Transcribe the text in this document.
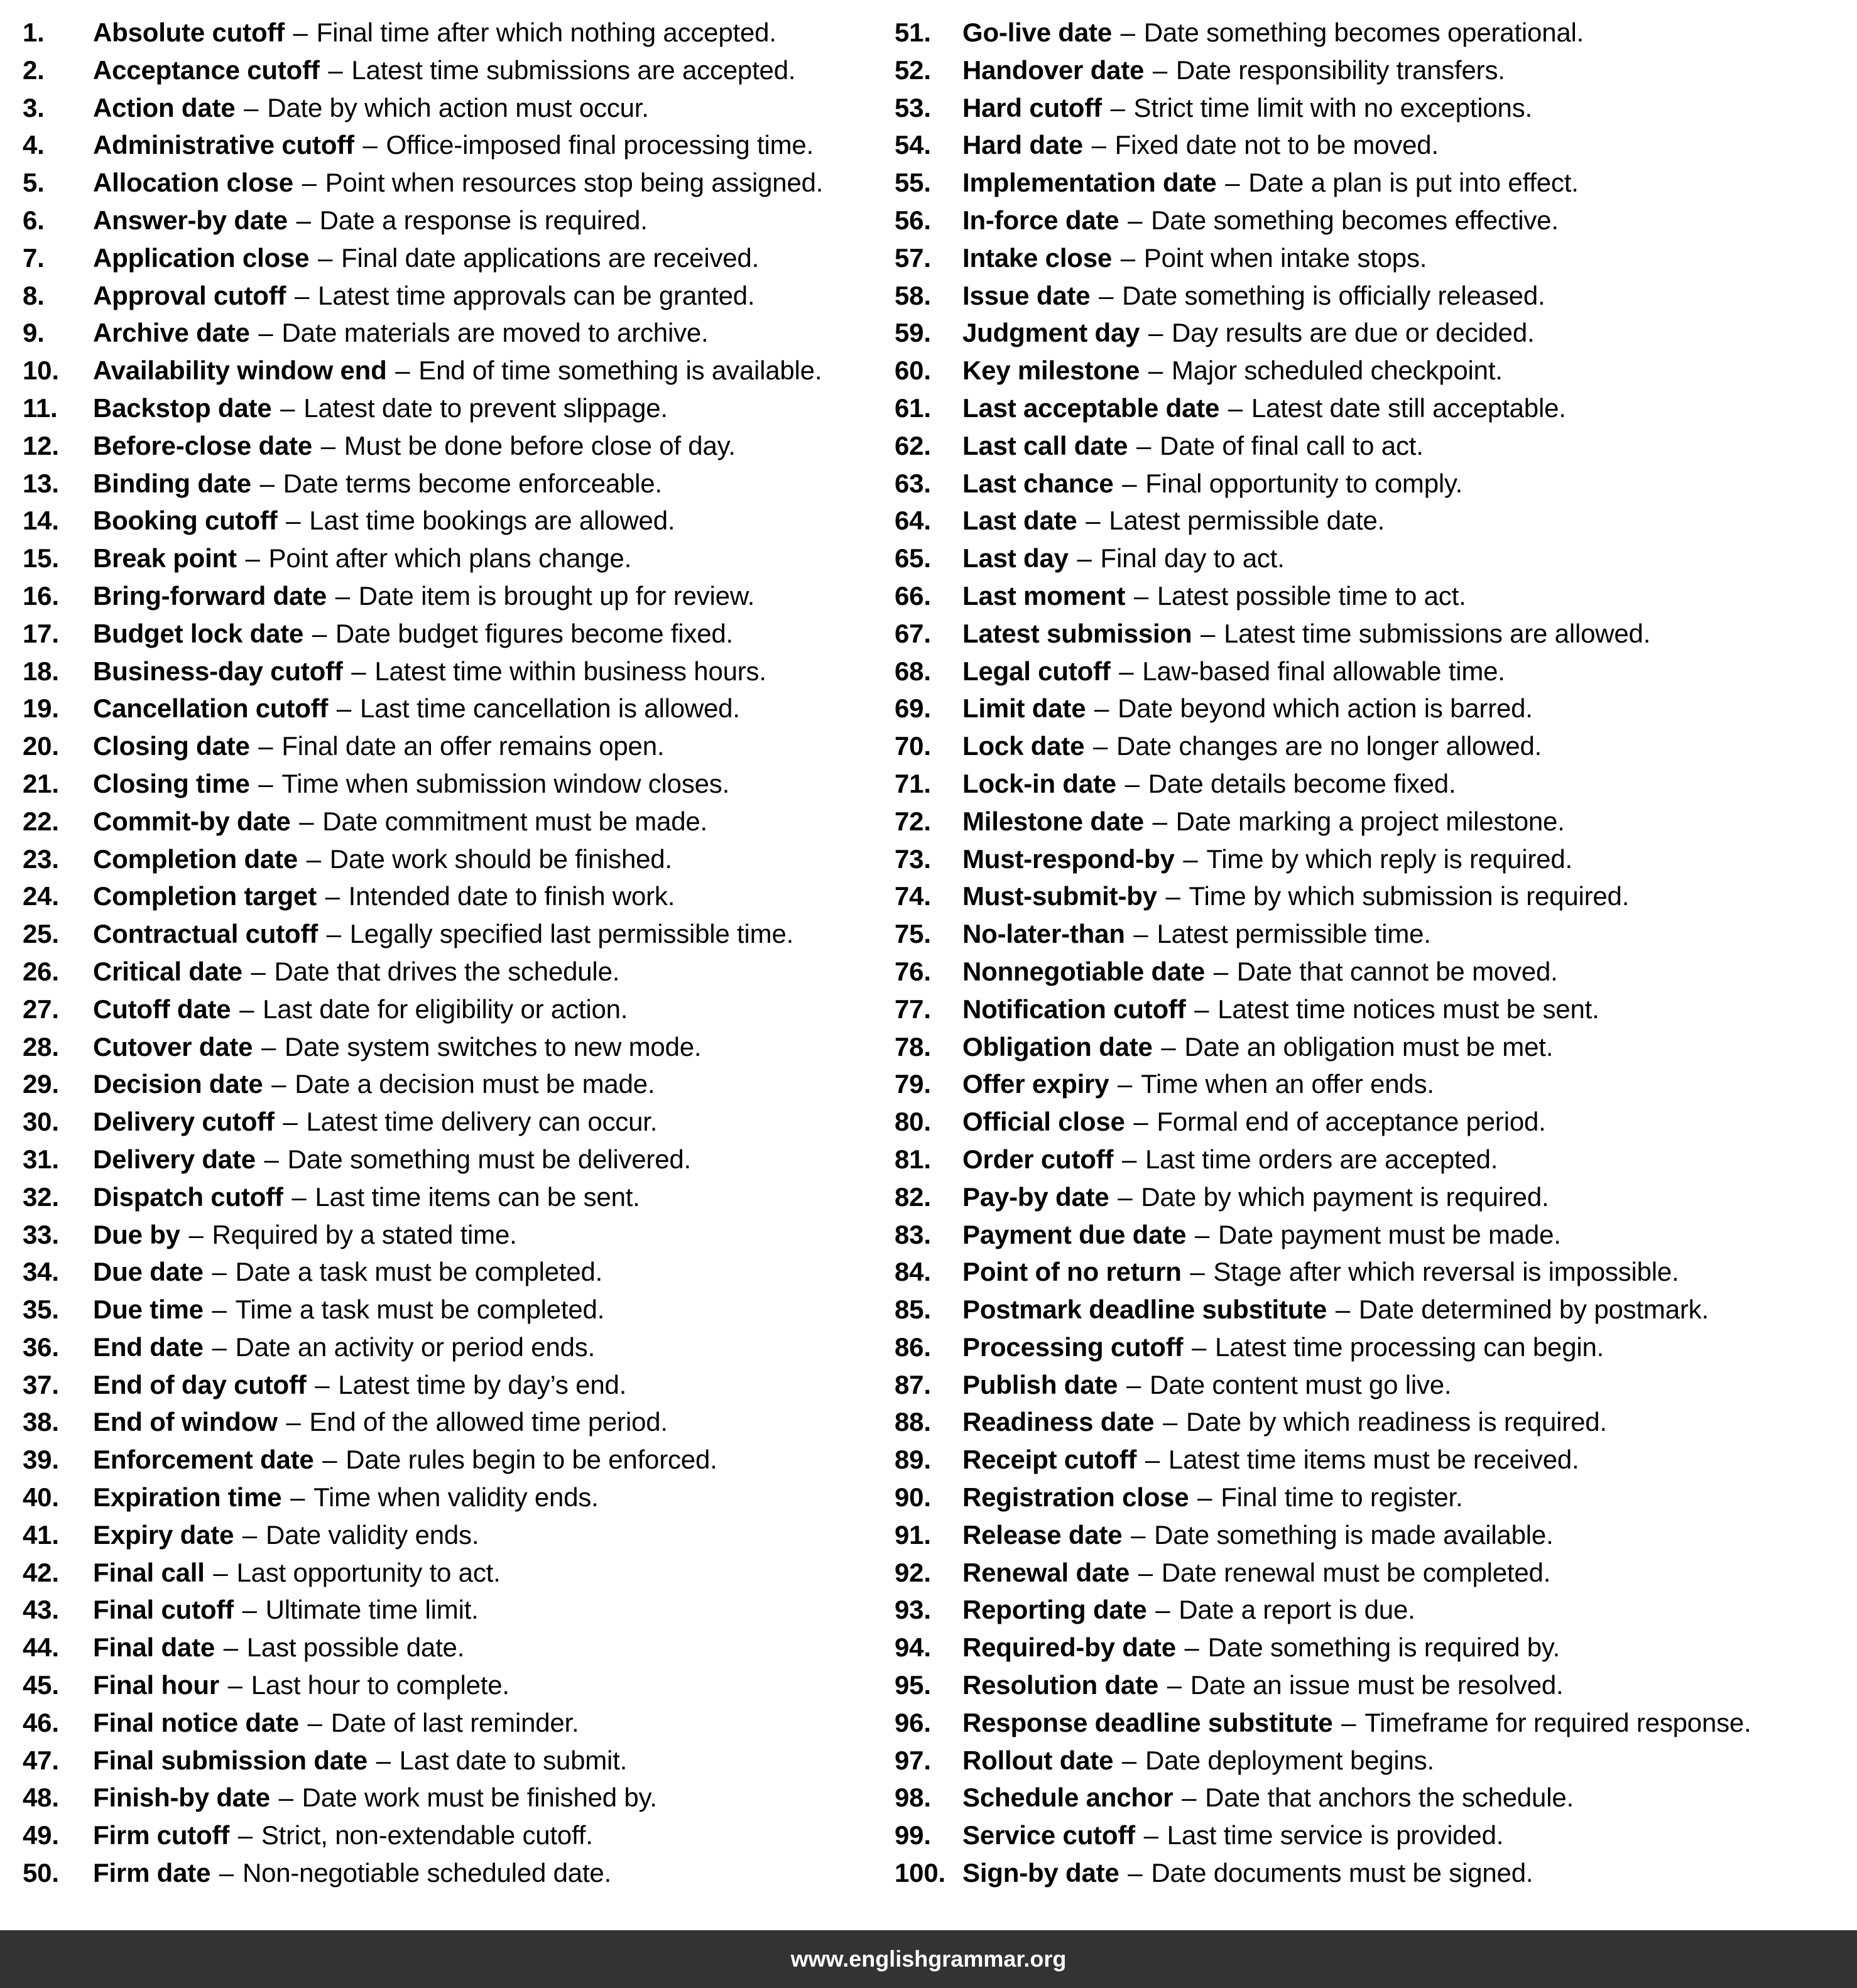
1.	Absolute cutoff – Final time after which nothing accepted.
2.	Acceptance cutoff – Latest time submissions are accepted.
3.	Action date – Date by which action must occur.
4.	Administrative cutoff – Office-imposed final processing time.
5.	Allocation close – Point when resources stop being assigned.
6.	Answer-by date – Date a response is required.
7.	Application close – Final date applications are received.
8.	Approval cutoff – Latest time approvals can be granted.
9.	Archive date – Date materials are moved to archive.
10.	Availability window end – End of time something is available.
11.	Backstop date – Latest date to prevent slippage.
12.	Before-close date – Must be done before close of day.
13.	Binding date – Date terms become enforceable.
14.	Booking cutoff – Last time bookings are allowed.
15.	Break point – Point after which plans change.
16.	Bring-forward date – Date item is brought up for review.
17.	Budget lock date – Date budget figures become fixed.
18.	Business-day cutoff – Latest time within business hours.
19.	Cancellation cutoff – Last time cancellation is allowed.
20.	Closing date – Final date an offer remains open.
21.	Closing time – Time when submission window closes.
22.	Commit-by date – Date commitment must be made.
23.	Completion date – Date work should be finished.
24.	Completion target – Intended date to finish work.
25.	Contractual cutoff – Legally specified last permissible time.
26.	Critical date – Date that drives the schedule.
27.	Cutoff date – Last date for eligibility or action.
28.	Cutover date – Date system switches to new mode.
29.	Decision date – Date a decision must be made.
30.	Delivery cutoff – Latest time delivery can occur.
31.	Delivery date – Date something must be delivered.
32.	Dispatch cutoff – Last time items can be sent.
33.	Due by – Required by a stated time.
34.	Due date – Date a task must be completed.
35.	Due time – Time a task must be completed.
36.	End date – Date an activity or period ends.
37.	End of day cutoff – Latest time by day’s end.
38.	End of window – End of the allowed time period.
39.	Enforcement date – Date rules begin to be enforced.
40.	Expiration time – Time when validity ends.
41.	Expiry date – Date validity ends.
42.	Final call – Last opportunity to act.
43.	Final cutoff – Ultimate time limit.
44.	Final date – Last possible date.
45.	Final hour – Last hour to complete.
46.	Final notice date – Date of last reminder.
47.	Final submission date – Last date to submit.
48.	Finish-by date – Date work must be finished by.
49.	Firm cutoff – Strict, non-extendable cutoff.
50.	Firm date – Non-negotiable scheduled date.
51.	Go-live date – Date something becomes operational.
52.	Handover date – Date responsibility transfers.
53.	Hard cutoff – Strict time limit with no exceptions.
54.	Hard date – Fixed date not to be moved.
55.	Implementation date – Date a plan is put into effect.
56.	In-force date – Date something becomes effective.
57.	Intake close – Point when intake stops.
58.	Issue date – Date something is officially released.
59.	Judgment day – Day results are due or decided.
60.	Key milestone – Major scheduled checkpoint.
61.	Last acceptable date – Latest date still acceptable.
62.	Last call date – Date of final call to act.
63.	Last chance – Final opportunity to comply.
64.	Last date – Latest permissible date.
65.	Last day – Final day to act.
66.	Last moment – Latest possible time to act.
67.	Latest submission – Latest time submissions are allowed.
68.	Legal cutoff – Law-based final allowable time.
69.	Limit date – Date beyond which action is barred.
70.	Lock date – Date changes are no longer allowed.
71.	Lock-in date – Date details become fixed.
72.	Milestone date – Date marking a project milestone.
73.	Must-respond-by – Time by which reply is required.
74.	Must-submit-by – Time by which submission is required.
75.	No-later-than – Latest permissible time.
76.	Nonnegotiable date – Date that cannot be moved.
77.	Notification cutoff – Latest time notices must be sent.
78.	Obligation date – Date an obligation must be met.
79.	Offer expiry – Time when an offer ends.
80.	Official close – Formal end of acceptance period.
81.	Order cutoff – Last time orders are accepted.
82.	Pay-by date – Date by which payment is required.
83.	Payment due date – Date payment must be made.
84.	Point of no return – Stage after which reversal is impossible.
85.	Postmark deadline substitute – Date determined by postmark.
86.	Processing cutoff – Latest time processing can begin.
87.	Publish date – Date content must go live.
88.	Readiness date – Date by which readiness is required.
89.	Receipt cutoff – Latest time items must be received.
90.	Registration close – Final time to register.
91.	Release date – Date something is made available.
92.	Renewal date – Date renewal must be completed.
93.	Reporting date – Date a report is due.
94.	Required-by date – Date something is required by.
95.	Resolution date – Date an issue must be resolved.
96.	Response deadline substitute – Timeframe for required response.
97.	Rollout date – Date deployment begins.
98.	Schedule anchor – Date that anchors the schedule.
99.	Service cutoff – Last time service is provided.
100. Sign-by date – Date documents must be signed.
www.englishgrammar.org
